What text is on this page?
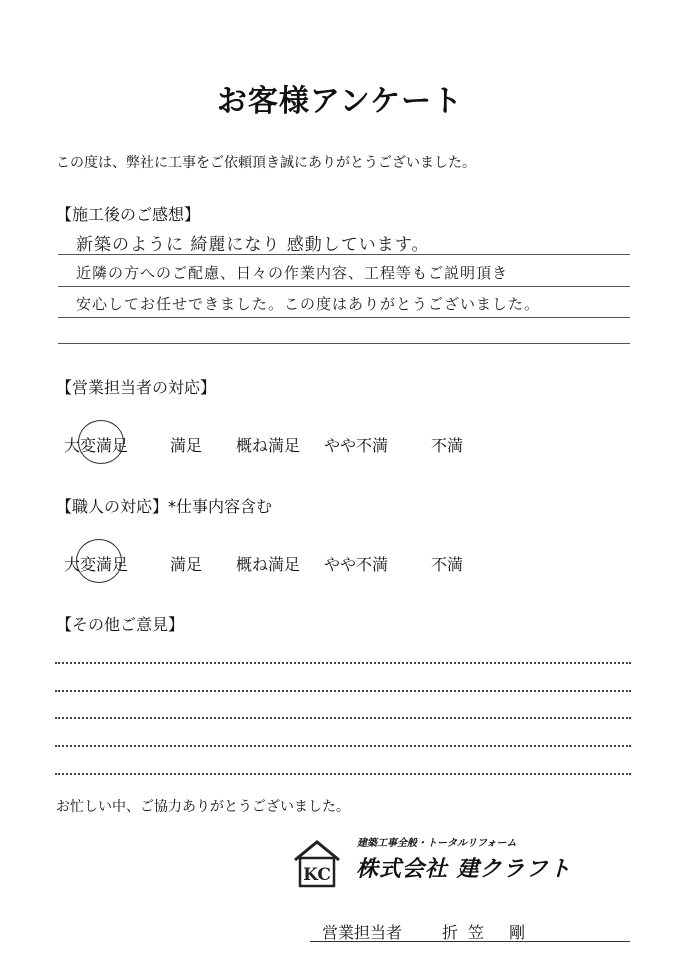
お客様アンケート
この度は、弊社に工事をご依頼頂き誠にありがとうございました。
【施工後のご感想】
新築のように 綺麗になり 感動しています。
近隣の方へのご配慮、日々の作業内容、工程等もご説明頂き
安心してお任せできました。この度はありがとうございました。
【営業担当者の対応】
大変満足	満足 概ね満足 やや不満	不満
【職人の対応】*仕事内容含む
大変満足	満足 概ね満足 やや不満	不満
【その他ご意見】
お忙しい中、ご協力ありがとうございました。
KC
建築工事全般・トータルリフォーム
株式会社 建クラフト
営業担当者 折笠 剛
